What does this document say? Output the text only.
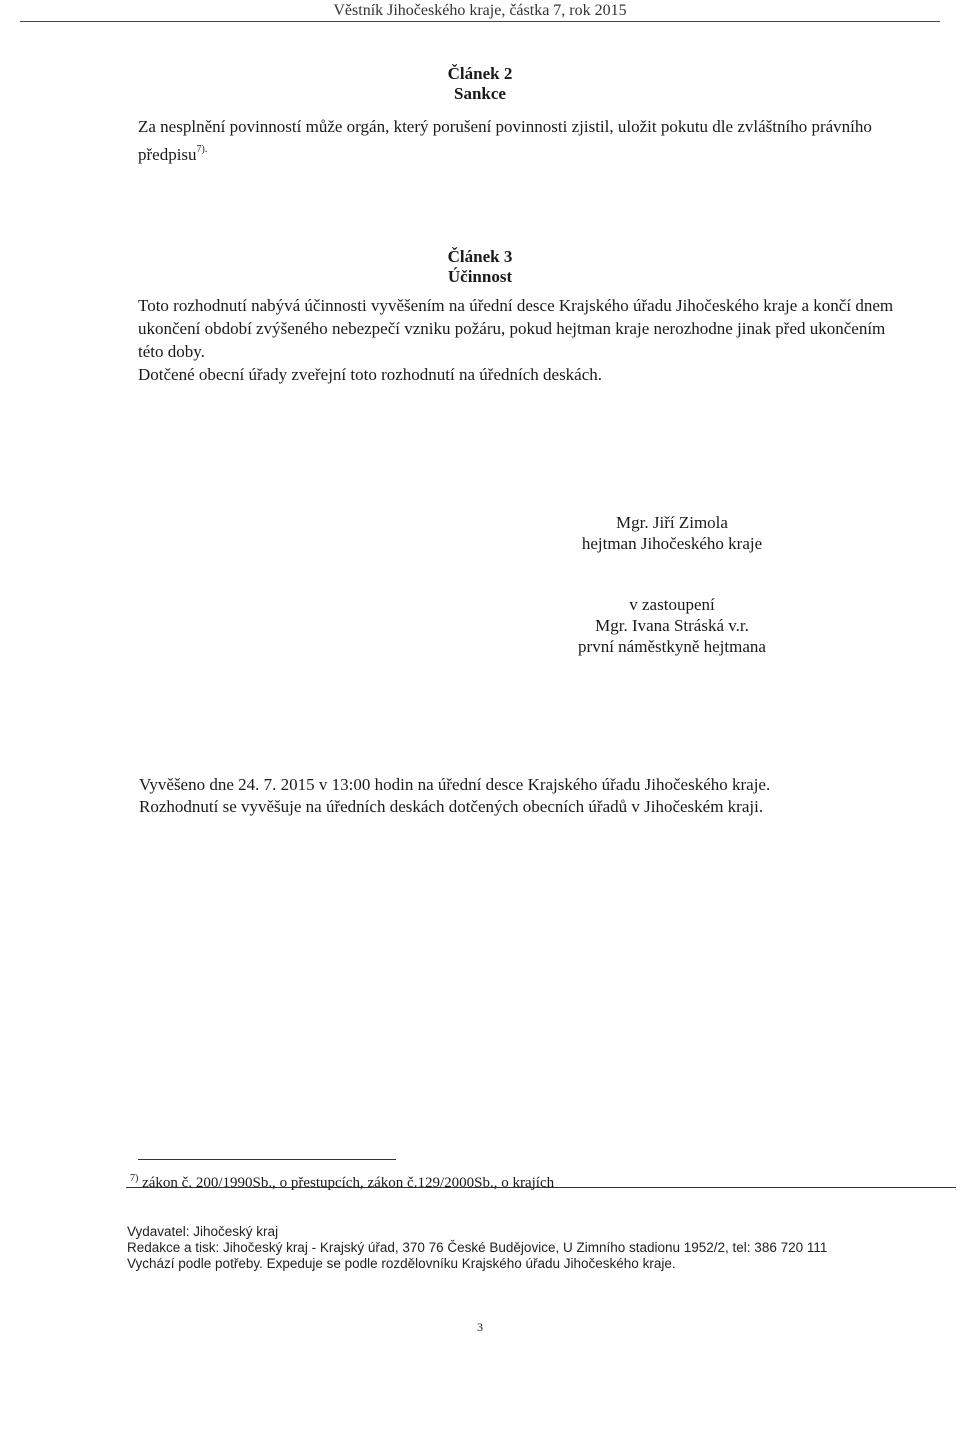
Věstník Jihočeského kraje, částka 7, rok 2015
Článek 2
Sankce
Za nesplnění povinností může orgán, který porušení povinnosti zjistil, uložit pokutu dle zvláštního právního
předpisu$^{7).}$
Článek 3
Účinnost
Toto rozhodnutí nabývá účinnosti vyvěšením na úřední desce Krajského úřadu Jihočeského kraje a končí dnem
ukončení období zvýšeného nebezpečí vzniku požáru, pokud hejtman kraje nerozhodne jinak před ukončením
této doby.
Dotčené obecní úřady zveřejní toto rozhodnutí na úředních deskách.
Mgr. Jiří Zimola
hejtman Jihočeského kraje
v zastoupení
Mgr. Ivana Stráská v.r.
první náměstkyně hejtmana
Vyvěšeno dne 24. 7. 2015 v 13:00 hodin na úřední desce Krajského úřadu Jihočeského kraje.
Rozhodnutí se vyvěšuje na úředních deskách dotčených obecních úřadů v Jihočeském kraji.
$^{7)}$ zákon č. 200/1990Sb., o přestupcích, zákon č.129/2000Sb., o krajích
Vydavatel: Jihočeský kraj
Redakce a tisk: Jihočeský kraj - Krajský úřad, 370 76 České Budějovice, U Zimního stadionu 1952/2, tel: 386 720 111
Vychází podle potřeby. Expeduje se podle rozdělovníku Krajského úřadu Jihočeského kraje.
3
